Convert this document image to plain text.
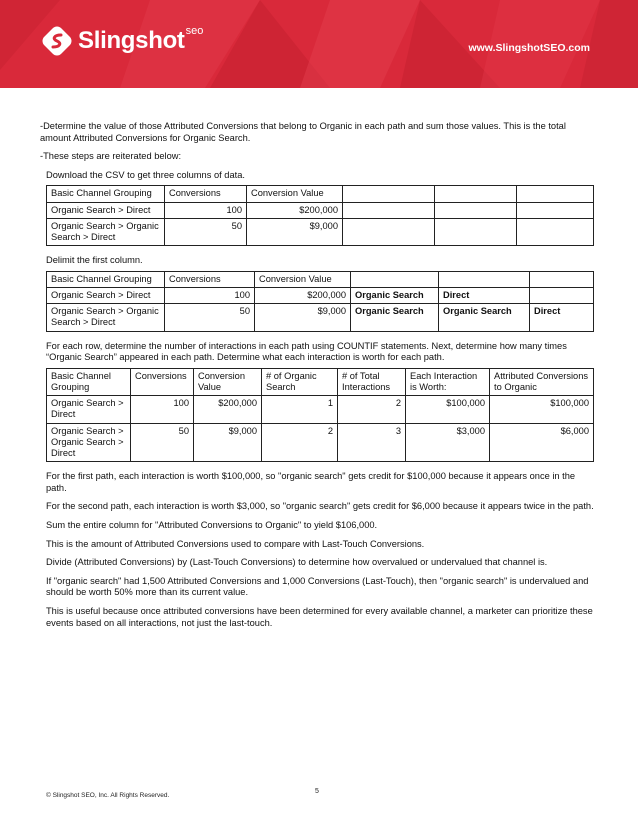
Slingshot seo
www.SlingshotSEO.com

-Determine the value of those Attributed Conversions that belong to Organic in each path and sum those values. This is the total amount Attributed Conversions for Organic Search.

-These steps are reiterated below:

Download the CSV to get three columns of data.

Basic Channel Grouping	Conversions	Conversion Value			
Organic Search > Direct	100	$200,000			
Organic Search > Organic Search > Direct	50	$9,000			

Delimit the first column.

Basic Channel Grouping	Conversions	Conversion Value			
Organic Search > Direct	100	$200,000	Organic Search	Direct	
Organic Search > Organic Search > Direct	50	$9,000	Organic Search	Organic Search	Direct

For each row, determine the number of interactions in each path using COUNTIF statements. Next, determine how many times “Organic Search” appeared in each path. Determine what each interaction is worth for each path.

Basic Channel Grouping	Conversions	Conversion Value	# of Organic Search	# of Total Interactions	Each Interaction is Worth:	Attributed Conversions to Organic
Organic Search > Direct	100	$200,000	1	2	$100,000	$100,000
Organic Search > Organic Search > Direct	50	$9,000	2	3	$3,000	$6,000

For the first path, each interaction is worth $100,000, so "organic search" gets credit for $100,000 because it appears once in the path.

For the second path, each interaction is worth $3,000, so "organic search" gets credit for $6,000 because it appears twice in the path.

Sum the entire column for "Attributed Conversions to Organic" to yield $106,000.

This is the amount of Attributed Conversions used to compare with Last-Touch Conversions.

Divide (Attributed Conversions) by (Last-Touch Conversions) to determine how overvalued or undervalued that channel is.

If "organic search" had 1,500 Attributed Conversions and 1,000 Conversions (Last-Touch), then "organic search" is undervalued and should be worth 50% more than its current value.

This is useful because once attributed conversions have been determined for every available channel, a marketer can prioritize these events based on all interactions, not just the last-touch.

© Slingshot SEO, Inc. All Rights Reserved.
5
